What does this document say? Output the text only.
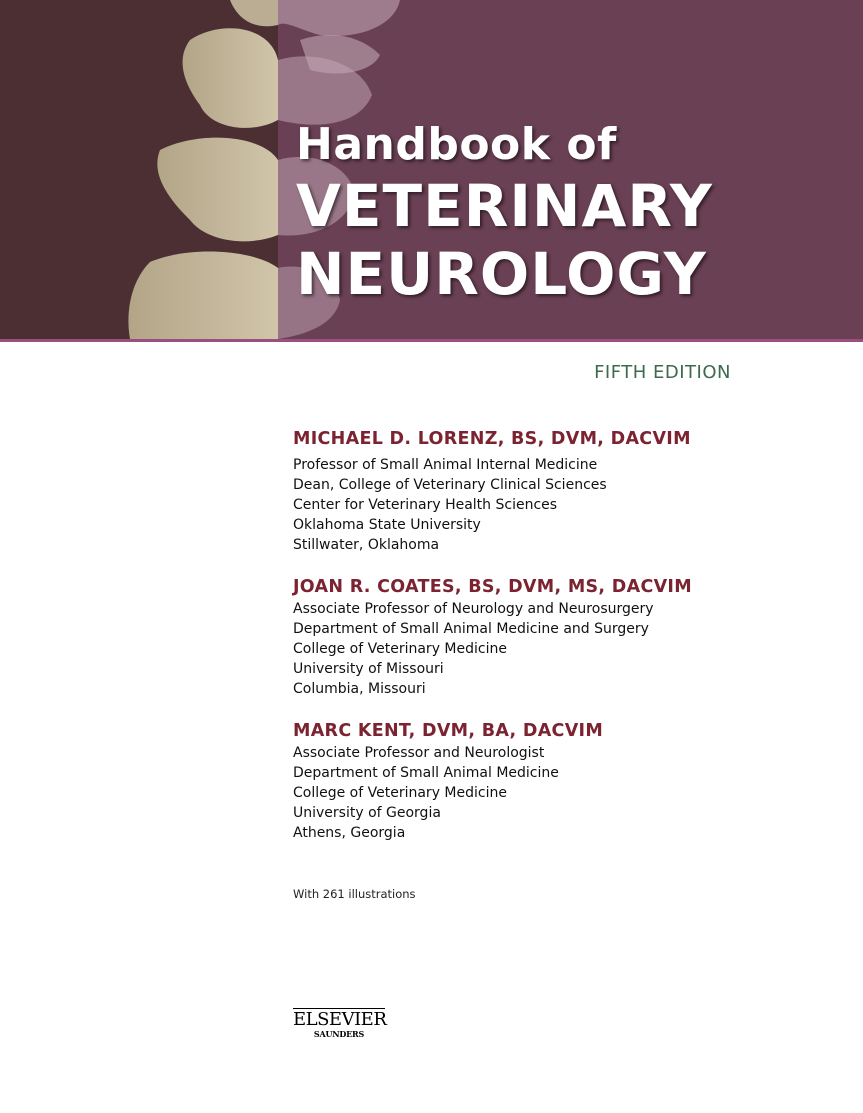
Handbook of
VETERINARY
NEUROLOGY
FIFTH EDITION
MICHAEL D. LORENZ, BS, DVM, DACVIM
Professor of Small Animal Internal Medicine
Dean, College of Veterinary Clinical Sciences
Center for Veterinary Health Sciences
Oklahoma State University
Stillwater, Oklahoma
JOAN R. COATES, BS, DVM, MS, DACVIM
Associate Professor of Neurology and Neurosurgery
Department of Small Animal Medicine and Surgery
College of Veterinary Medicine
University of Missouri
Columbia, Missouri
MARC KENT, DVM, BA, DACVIM
Associate Professor and Neurologist
Department of Small Animal Medicine
College of Veterinary Medicine
University of Georgia
Athens, Georgia
With 261 illustrations
ELSEVIER
SAUNDERS
